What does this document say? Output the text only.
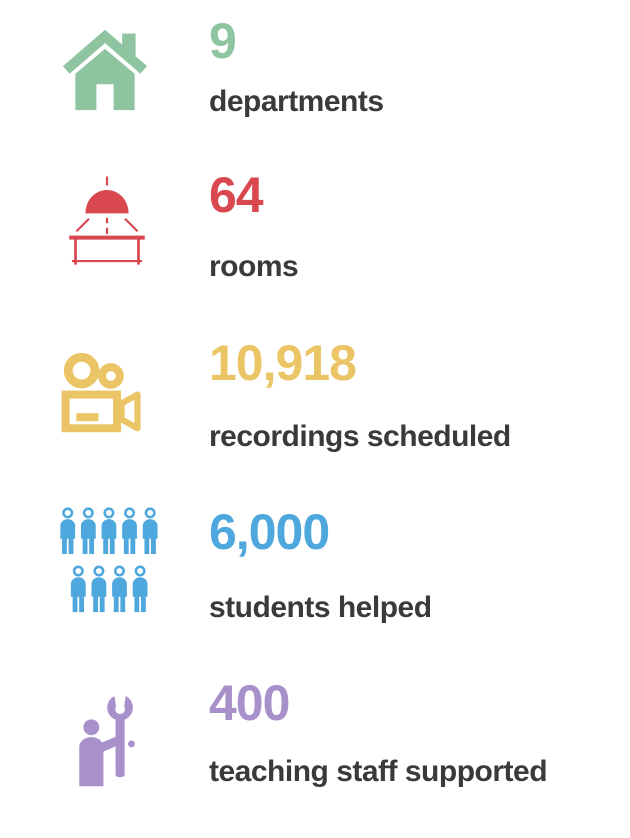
9
departments
64
rooms
10,918
recordings scheduled
6,000
students helped
400
teaching staff supported
